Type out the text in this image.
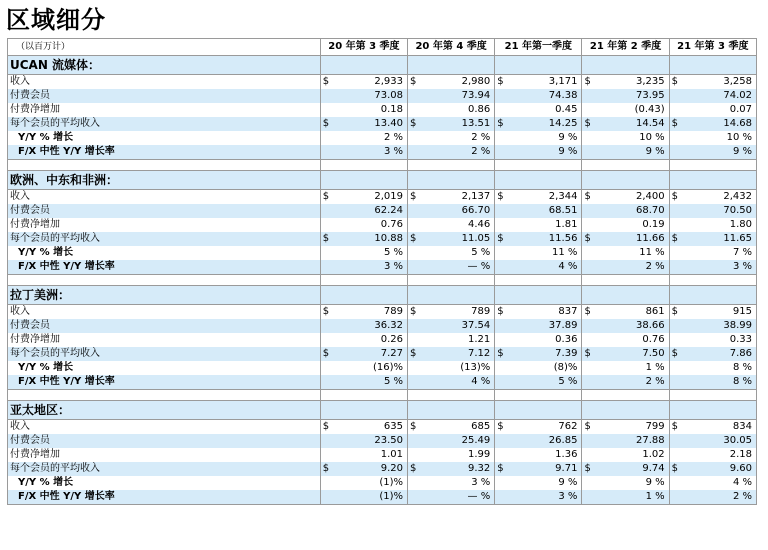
区域细分
（以百万计）	20 年第 3 季度		20 年第 4 季度		21 年第一季度		21 年第 2 季度		21 年第 3 季度	
UCAN 流媒体：										
收入	$	2,933	$	2,980	$	3,171	$	3,235	$	3,258
付费会员		73.08		73.94		74.38		73.95		74.02
付费净增加		0.18		0.86		0.45		(0.43)		0.07
每个会员的平均收入	$	13.40	$	13.51	$	14.25	$	14.54	$	14.68
Y/Y % 增长		2 %		2 %		9 %		10 %		10 %
F/X 中性 Y/Y 增长率		3 %		2 %		9 %		9 %		9 %

欧洲、中东和非洲：										
收入	$	2,019	$	2,137	$	2,344	$	2,400	$	2,432
付费会员		62.24		66.70		68.51		68.70		70.50
付费净增加		0.76		4.46		1.81		0.19		1.80
每个会员的平均收入	$	10.88	$	11.05	$	11.56	$	11.66	$	11.65
Y/Y % 增长		5 %		5 %		11 %		11 %		7 %
F/X 中性 Y/Y 增长率		3 %		— %		4 %		2 %		3 %

拉丁美洲：										
收入	$	789	$	789	$	837	$	861	$	915
付费会员		36.32		37.54		37.89		38.66		38.99
付费净增加		0.26		1.21		0.36		0.76		0.33
每个会员的平均收入	$	7.27	$	7.12	$	7.39	$	7.50	$	7.86
Y/Y % 增长		(16)%		(13)%		(8)%		1 %		8 %
F/X 中性 Y/Y 增长率		5 %		4 %		5 %		2 %		8 %

亚太地区：										
收入	$	635	$	685	$	762	$	799	$	834
付费会员		23.50		25.49		26.85		27.88		30.05
付费净增加		1.01		1.99		1.36		1.02		2.18
每个会员的平均收入	$	9.20	$	9.32	$	9.71	$	9.74	$	9.60
Y/Y % 增长		(1)%		3 %		9 %		9 %		4 %
F/X 中性 Y/Y 增长率		(1)%		— %		3 %		1 %		2 %
